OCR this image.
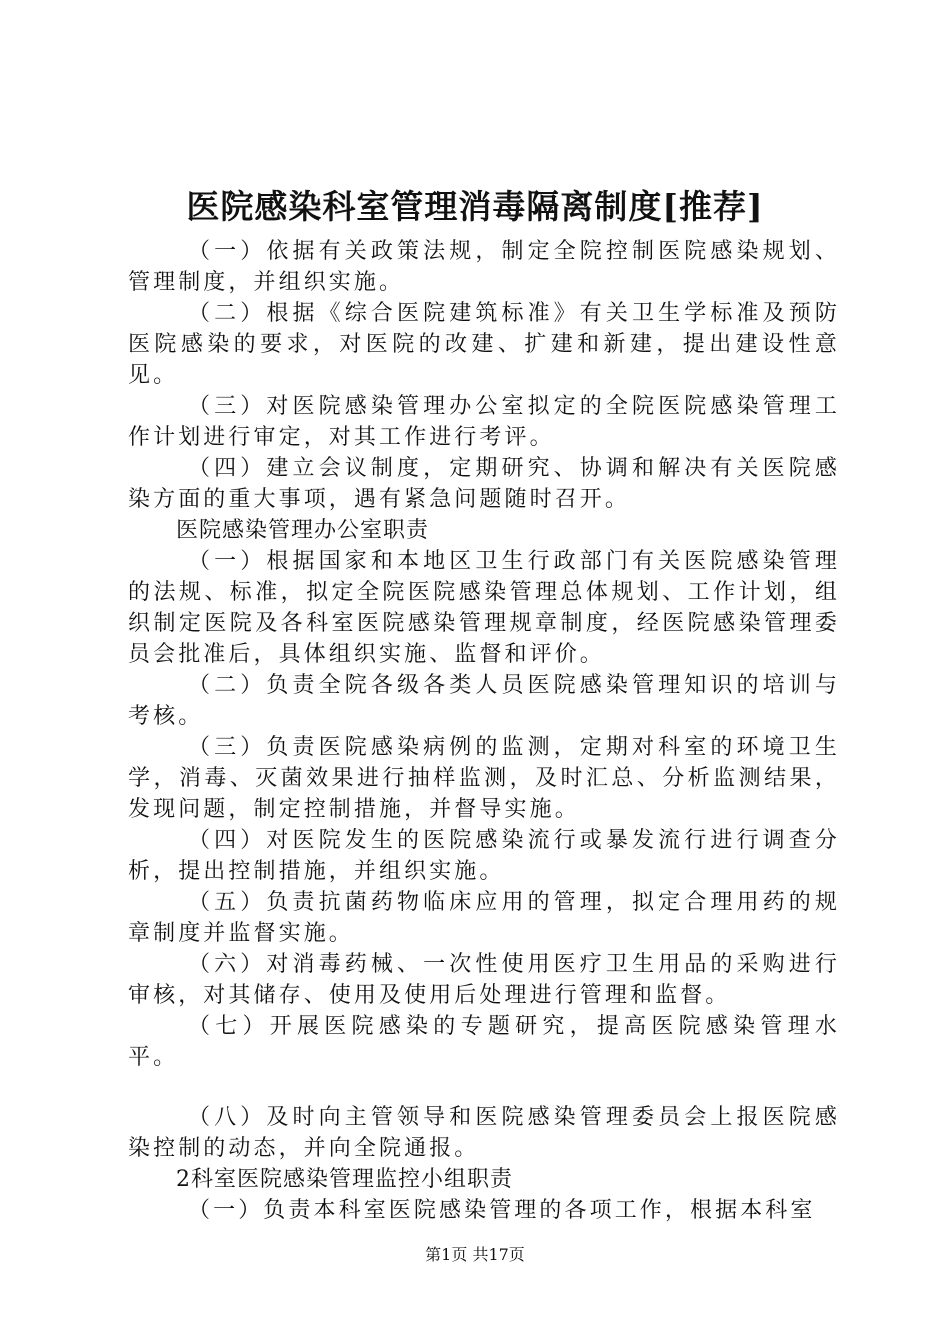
医院感染科室管理消毒隔离制度[推荐]

（一）依据有关政策法规，制定全院控制医院感染规划、管理制度，并组织实施。

（二）根据《综合医院建筑标准》有关卫生学标准及预防医院感染的要求，对医院的改建、扩建和新建，提出建设性意见。

（三）对医院感染管理办公室拟定的全院医院感染管理工作计划进行审定，对其工作进行考评。

（四）建立会议制度，定期研究、协调和解决有关医院感染方面的重大事项，遇有紧急问题随时召开。

医院感染管理办公室职责

（一）根据国家和本地区卫生行政部门有关医院感染管理的法规、标准，拟定全院医院感染管理总体规划、工作计划，组织制定医院及各科室医院感染管理规章制度，经医院感染管理委员会批准后，具体组织实施、监督和评价。

（二）负责全院各级各类人员医院感染管理知识的培训与考核。

（三）负责医院感染病例的监测，定期对科室的环境卫生学，消毒、灭菌效果进行抽样监测，及时汇总、分析监测结果，发现问题，制定控制措施，并督导实施。

（四）对医院发生的医院感染流行或暴发流行进行调查分析，提出控制措施，并组织实施。

（五）负责抗菌药物临床应用的管理，拟定合理用药的规章制度并监督实施。

（六）对消毒药械、一次性使用医疗卫生用品的采购进行审核，对其储存、使用及使用后处理进行管理和监督。

（七）开展医院感染的专题研究，提高医院感染管理水平。

（八）及时向主管领导和医院感染管理委员会上报医院感染控制的动态，并向全院通报。

2科室医院感染管理监控小组职责

（一）负责本科室医院感染管理的各项工作，根据本科室

第1页 共17页
